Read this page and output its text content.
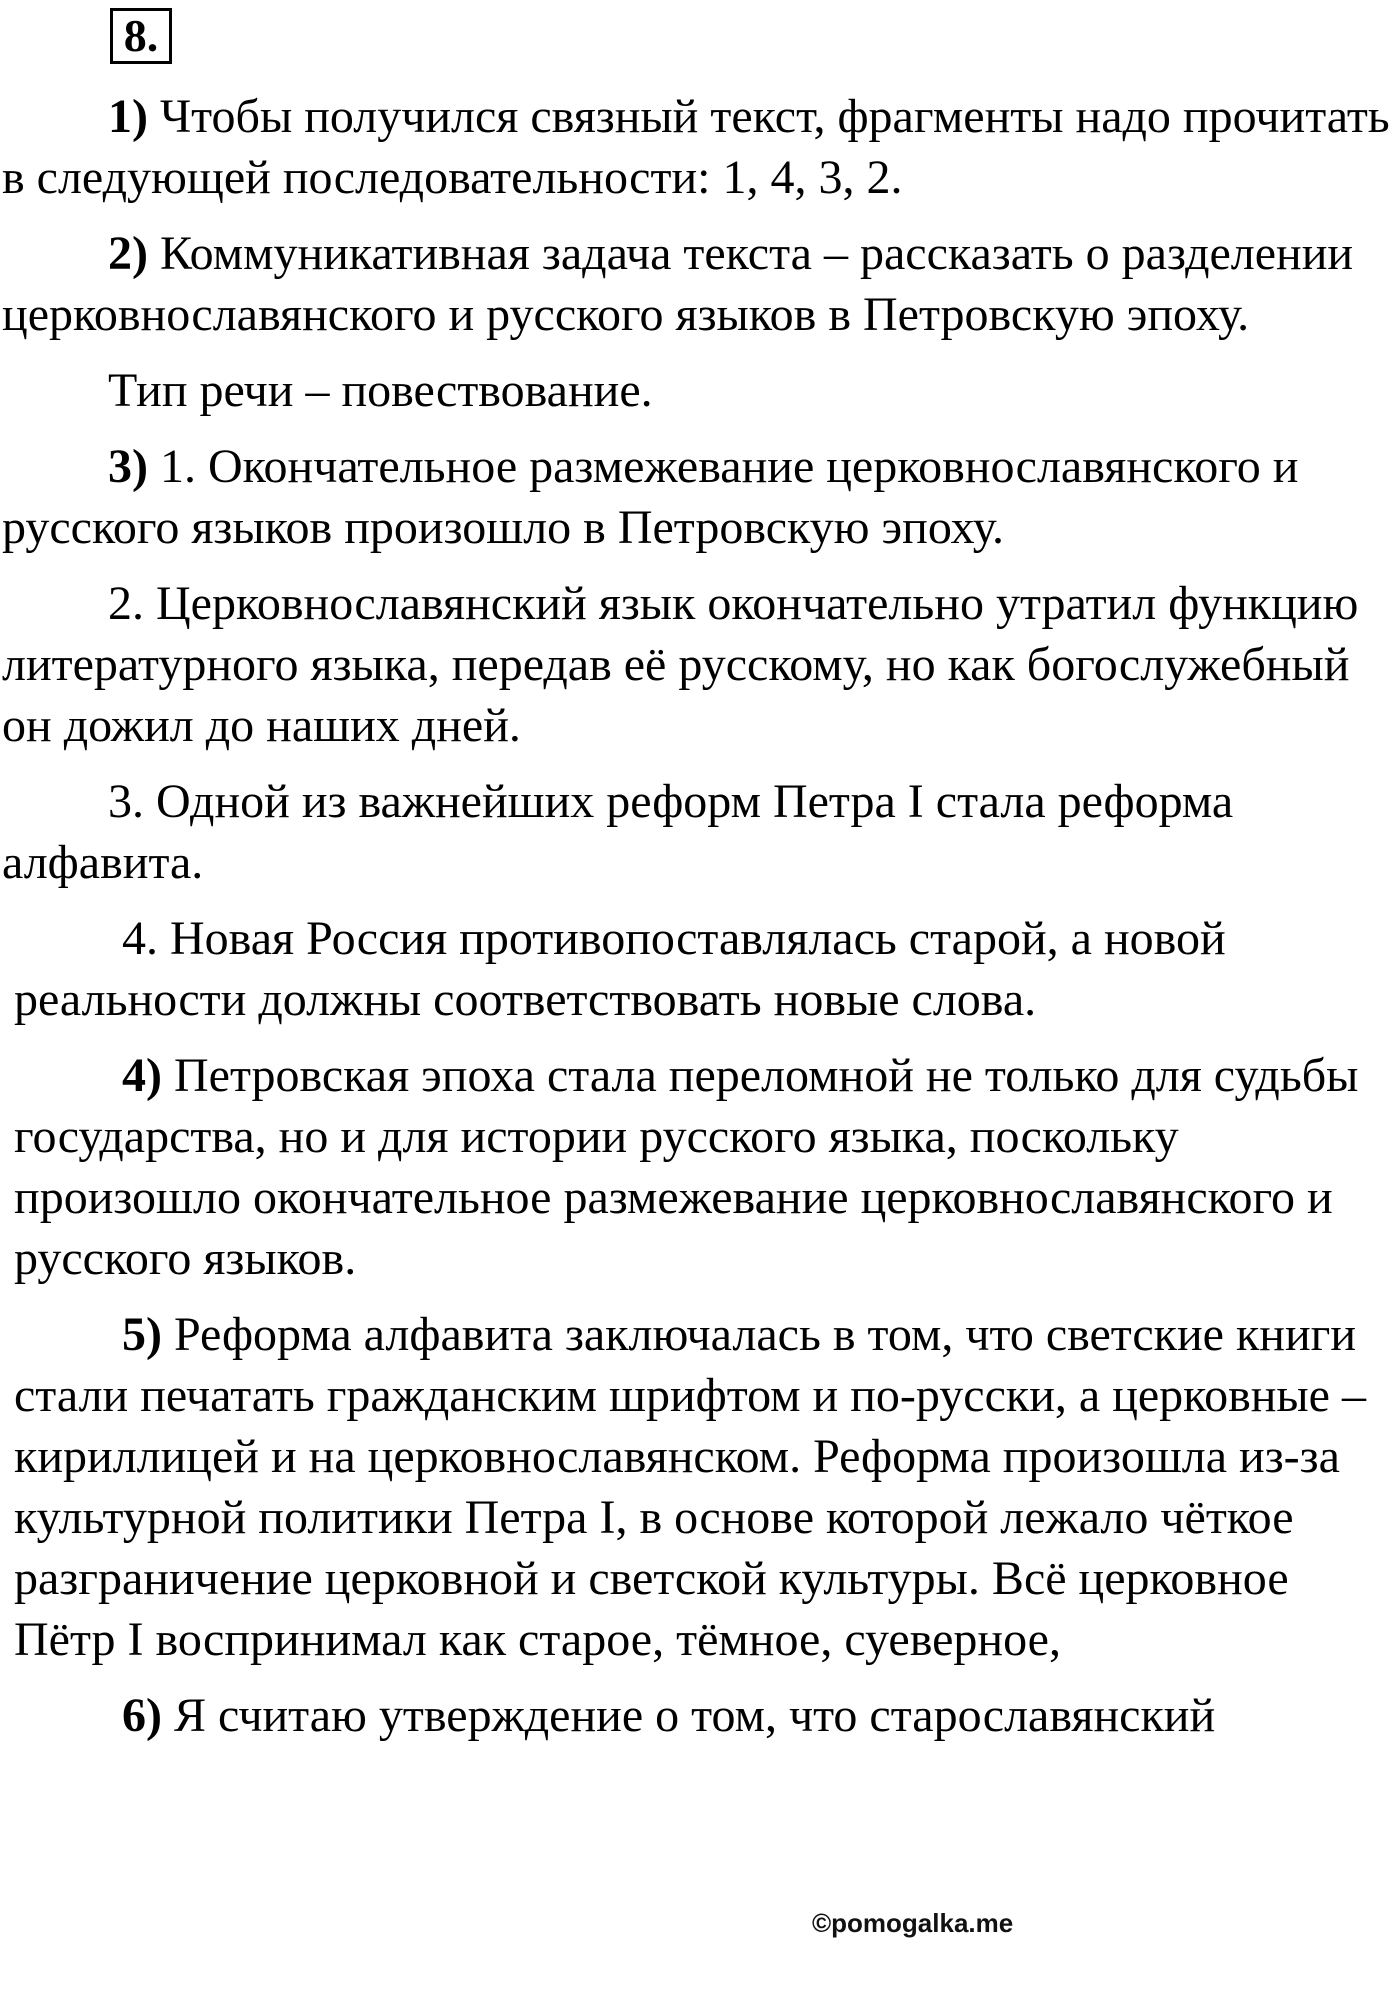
8.

1) Чтобы получился связный текст, фрагменты надо прочитать в следующей последовательности: 1, 4, 3, 2.

2) Коммуникативная задача текста – рассказать о разделении церковнославянского и русского языков в Петровскую эпоху.

Тип речи – повествование.

3) 1. Окончательное размежевание церковнославянского и русского языков произошло в Петровскую эпоху.

2. Церковнославянский язык окончательно утратил функцию литературного языка, передав её русскому, но как богослужебный он дожил до наших дней.

3. Одной из важнейших реформ Петра I стала реформа алфавита.

4. Новая Россия противопоставлялась старой, а новой реальности должны соответствовать новые слова.

4) Петровская эпоха стала переломной не только для судьбы государства, но и для истории русского языка, поскольку произошло окончательное размежевание церковнославянского и русского языков.

5) Реформа алфавита заключалась в том, что светские книги стали печатать гражданским шрифтом и по-русски, а церковные – кириллицей и на церковнославянском. Реформа произошла из-за культурной политики Петра I, в основе которой лежало чёткое разграничение церковной и светской культуры. Всё церковное Пётр I воспринимал как старое, тёмное, суеверное,

6) Я считаю утверждение о том, что старославянский

©pomogalka.me
